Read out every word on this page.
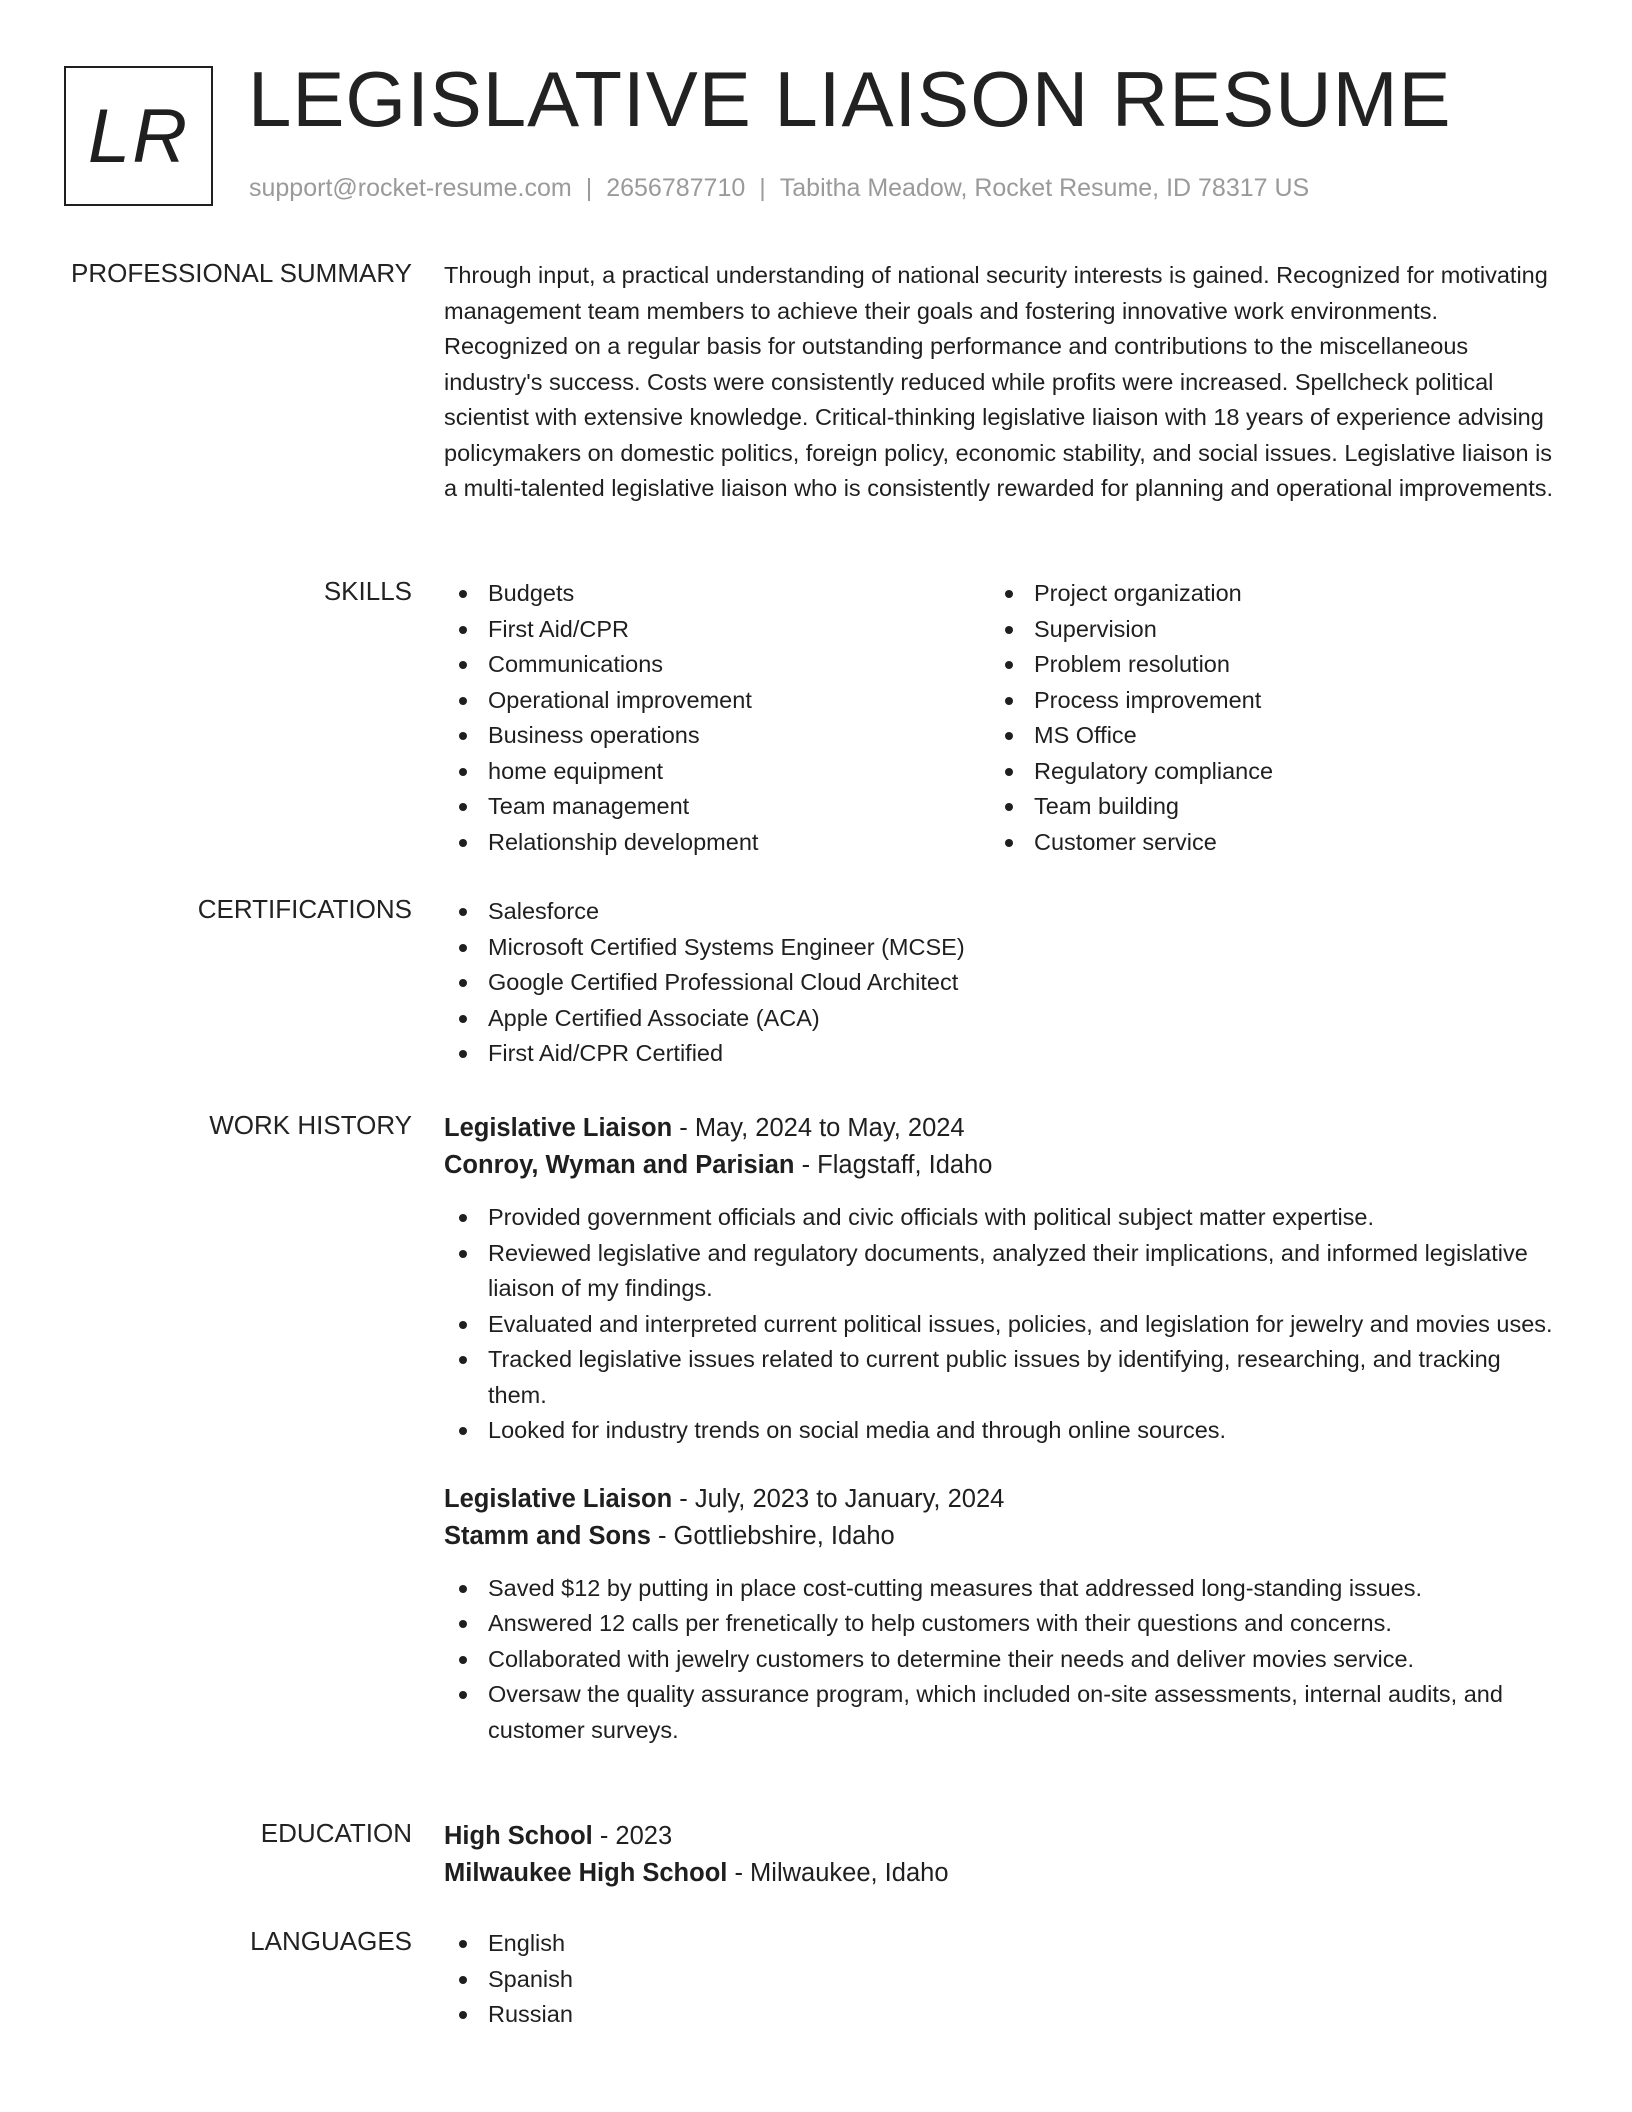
LR LEGISLATIVE LIAISON RESUME
support@rocket-resume.com | 2656787710 | Tabitha Meadow, Rocket Resume, ID 78317 US
PROFESSIONAL SUMMARY Through input, a practical understanding of national security interests is gained. Recognized for motivating management team members to achieve their goals and fostering innovative work environments. Recognized on a regular basis for outstanding performance and contributions to the miscellaneous industry's success. Costs were consistently reduced while profits were increased. Spellcheck political scientist with extensive knowledge. Critical-thinking legislative liaison with 18 years of experience advising policymakers on domestic politics, foreign policy, economic stability, and social issues. Legislative liaison is a multi-talented legislative liaison who is consistently rewarded for planning and operational improvements.

SKILLS	Budgets
First Aid/CPR
Communications
Operational improvement
Business operations
home equipment
Team management
Relationship development
Project organization
Supervision
Problem resolution
Process improvement
MS Office
Regulatory compliance
Team building
Customer service
CERTIFICATIONS	Salesforce
Microsoft Certified Systems Engineer (MCSE)
Google Certified Professional Cloud Architect
Apple Certified Associate (ACA)
First Aid/CPR Certified
WORK HISTORY Legislative Liaison - May, 2024 to May, 2024
Conroy, Wyman and Parisian - Flagstaff, Idaho
Provided government officials and civic officials with political subject matter expertise.
Reviewed legislative and regulatory documents, analyzed their implications, and informed legislative liaison of my findings.
Evaluated and interpreted current political issues, policies, and legislation for jewelry and movies uses.
Tracked legislative issues related to current public issues by identifying, researching, and tracking them.
Looked for industry trends on social media and through online sources.
Legislative Liaison - July, 2023 to January, 2024
Stamm and Sons - Gottliebshire, Idaho
Saved $12 by putting in place cost-cutting measures that addressed long-standing issues.
Answered 12 calls per frenetically to help customers with their questions and concerns.
Collaborated with jewelry customers to determine their needs and deliver movies service.
Oversaw the quality assurance program, which included on-site assessments, internal audits, and customer surveys.
EDUCATION High School - 2023
Milwaukee High School - Milwaukee, Idaho
LANGUAGES	English
Spanish
Russian
